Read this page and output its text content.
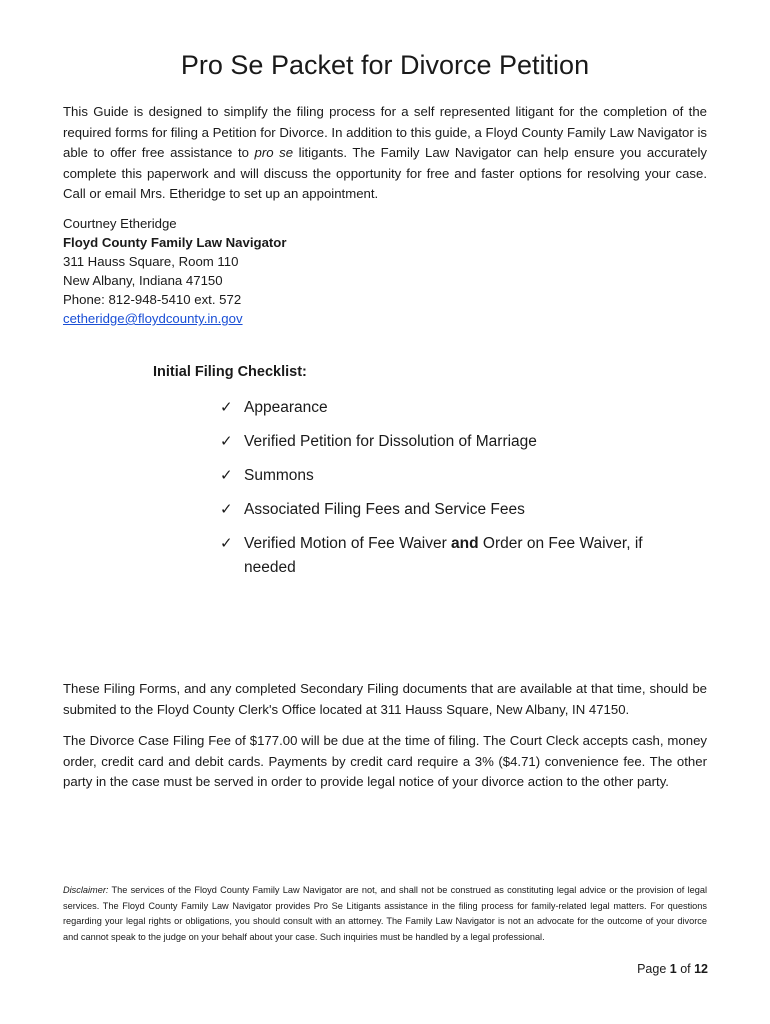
Pro Se Packet for Divorce Petition

This Guide is designed to simplify the filing process for a self represented litigant for the completion of the required forms for filing a Petition for Divorce. In addition to this guide, a Floyd County Family Law Navigator is able to offer free assistance to pro se litigants. The Family Law Navigator can help ensure you accurately complete this paperwork and will discuss the opportunity for free and faster options for resolving your case. Call or email Mrs. Etheridge to set up an appointment.

Courtney Etheridge
Floyd County Family Law Navigator
311 Hauss Square, Room 110
New Albany, Indiana 47150
Phone: 812-948-5410 ext. 572
cetheridge@floydcounty.in.gov
Initial Filing Checklist:
✓ Appearance
✓ Verified Petition for Dissolution of Marriage
✓ Summons
✓ Associated Filing Fees and Service Fees
✓ Verified Motion of Fee Waiver and Order on Fee Waiver, if needed

These Filing Forms, and any completed Secondary Filing documents that are available at that time, should be submited to the Floyd County Clerk's Office located at 311 Hauss Square, New Albany, IN 47150.

The Divorce Case Filing Fee of $177.00 will be due at the time of filing. The Court Cleck accepts cash, money order, credit card and debit cards. Payments by credit card require a 3% ($4.71) convenience fee. The other party in the case must be served in order to provide legal notice of your divorce action to the other party.

Disclaimer: The services of the Floyd County Family Law Navigator are not, and shall not be construed as constituting legal advice or the provision of legal services. The Floyd County Family Law Navigator provides Pro Se Litigants assistance in the filing process for family-related legal matters. For questions regarding your legal rights or obligations, you should consult with an attorney. The Family Law Navigator is not an advocate for the outcome of your divorce and cannot speak to the judge on your behalf about your case. Such inquiries must be handled by a legal professional.

Page 1 of 12
